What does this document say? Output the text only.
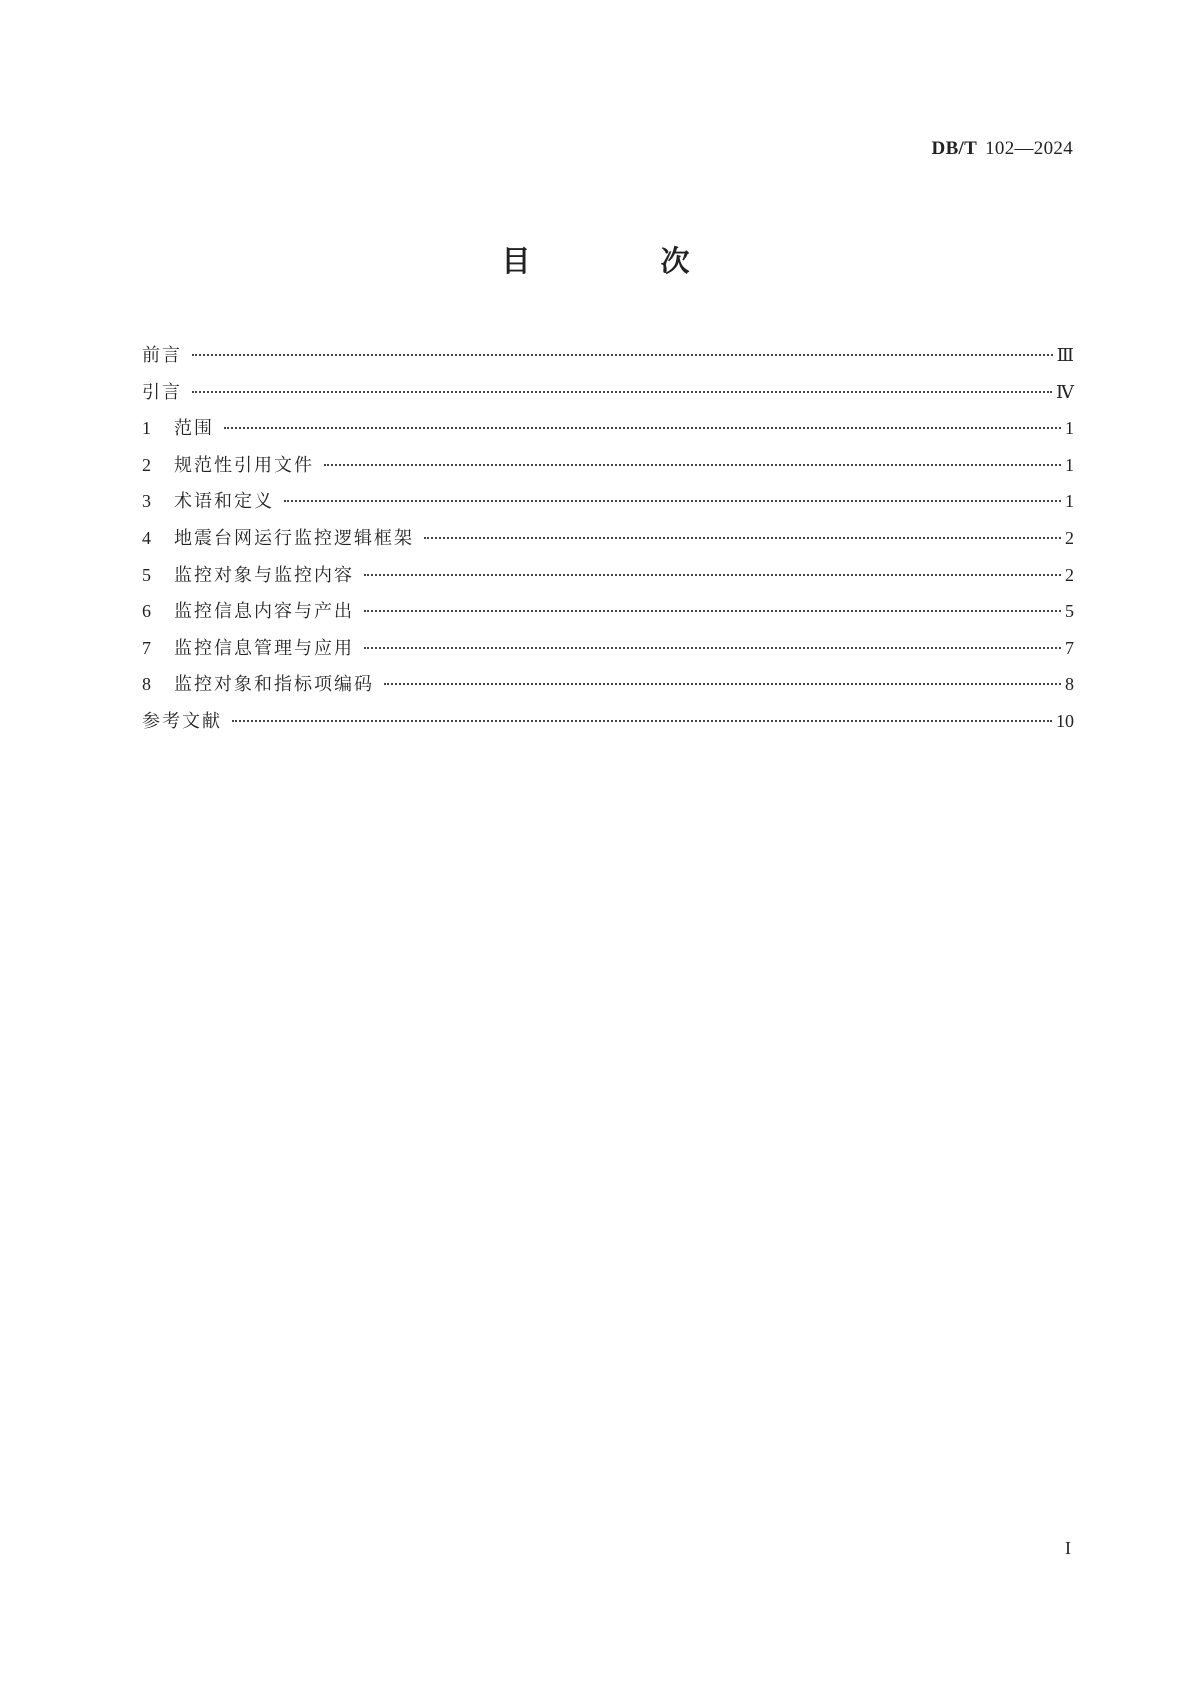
DB/T 102—2024
目 次
前言	Ⅲ
引言	Ⅳ
1	范围	1
2	规范性引用文件	1
3	术语和定义	1
4	地震台网运行监控逻辑框架	2
5	监控对象与监控内容	2
6	监控信息内容与产出	5
7	监控信息管理与应用	7
8	监控对象和指标项编码	8
参考文献	10
I
